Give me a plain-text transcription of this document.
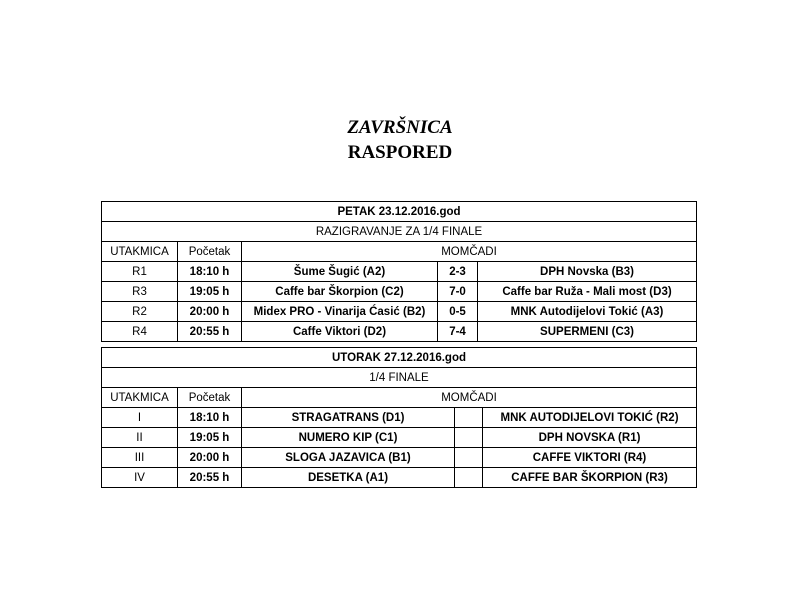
ZAVRŠNICA
RASPORED
PETAK 23.12.2016.god				
RAZIGRAVANJE ZA 1/4 FINALE				
UTAKMICA	Početak	MOMČADI		
R1	18:10 h	Šume Šugić (A2)	2-3	DPH Novska (B3)
R3	19:05 h	Caffe bar Škorpion (C2)	7-0	Caffe bar Ruža - Mali most (D3)
R2	20:00 h	Midex PRO - Vinarija Ćasić (B2)	0-5	MNK Autodijelovi Tokić (A3)
R4	20:55 h	Caffe Viktori (D2)	7-4	SUPERMENI (C3)
UTORAK 27.12.2016.god				
1/4 FINALE				
UTAKMICA	Početak	MOMČADI		
I	18:10 h	STRAGATRANS (D1)		MNK AUTODIJELOVI TOKIĆ (R2)
II	19:05 h	NUMERO KIP (C1)		DPH NOVSKA (R1)
III	20:00 h	SLOGA JAZAVICA (B1)		CAFFE VIKTORI (R4)
IV	20:55 h	DESETKA (A1)		CAFFE BAR ŠKORPION (R3)
